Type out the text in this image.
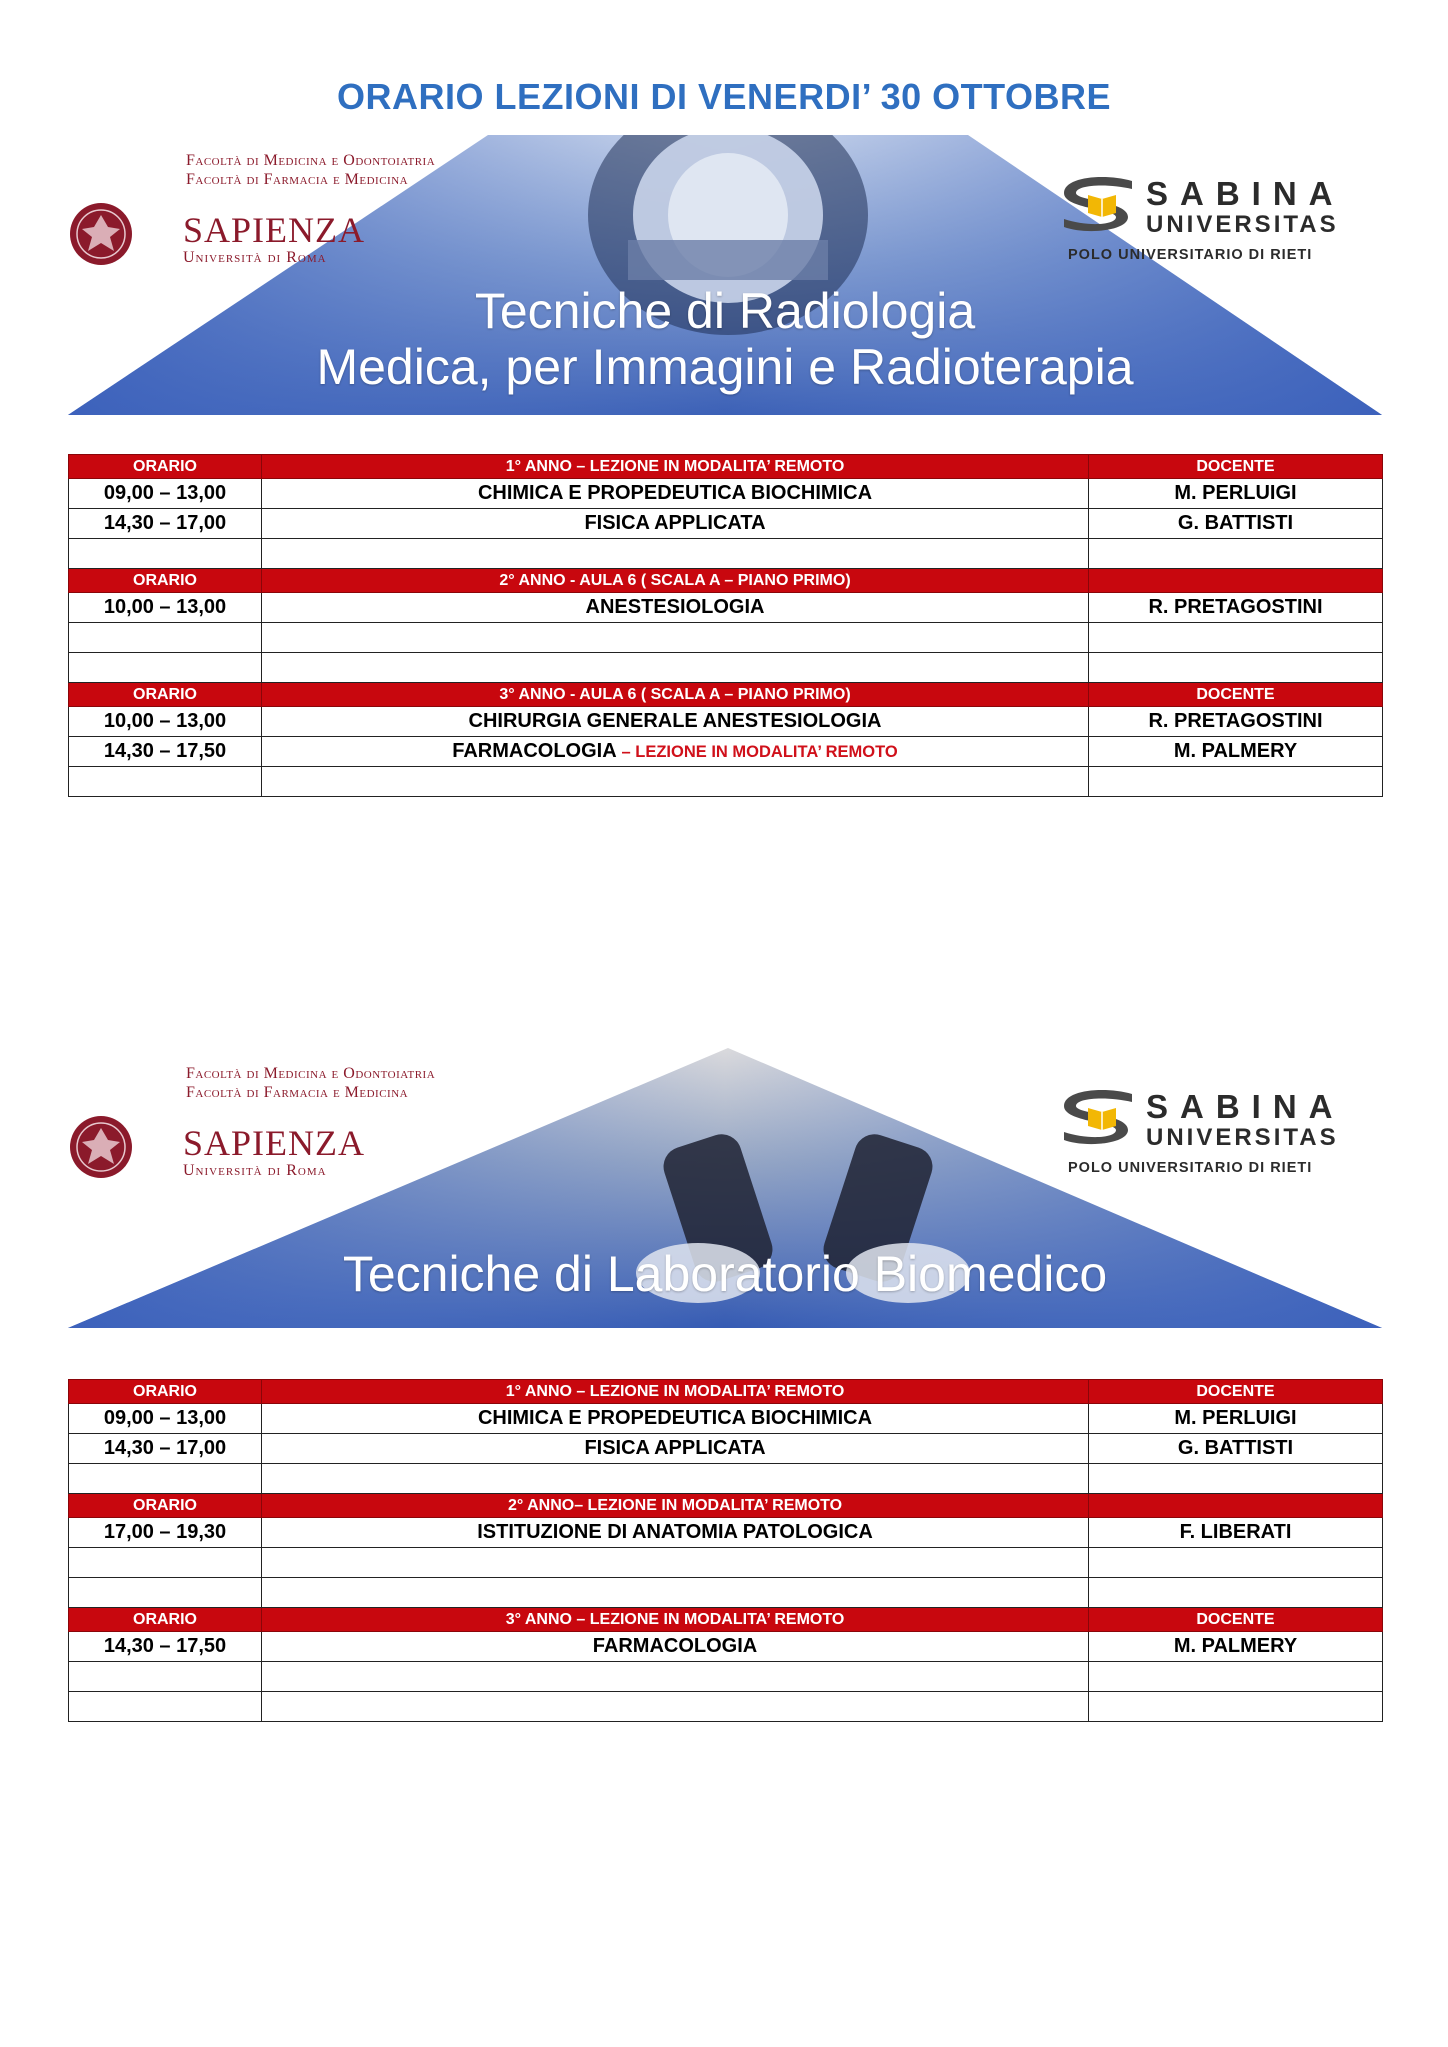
ORARIO LEZIONI DI VENERDI’ 30 OTTOBRE
Facoltà di Medicina e Odontoiatria
Facoltà di Farmacia e Medicina
SAPIENZA
Università di Roma
SABINA
UNIVERSITAS
POLO UNIVERSITARIO DI RIETI
Tecniche di Radiologia
Medica, per Immagini e Radioterapia
ORARIO	1° ANNO – LEZIONE IN MODALITA’ REMOTO	DOCENTE
09,00 – 13,00	CHIMICA E PROPEDEUTICA BIOCHIMICA	M. PERLUIGI
14,30 – 17,00	FISICA APPLICATA	G. BATTISTI

ORARIO	2° ANNO - AULA 6 ( SCALA A – PIANO PRIMO)	
10,00 – 13,00	ANESTESIOLOGIA	R. PRETAGOSTINI

ORARIO	3° ANNO - AULA 6 ( SCALA A – PIANO PRIMO)	DOCENTE
10,00 – 13,00	CHIRURGIA GENERALE ANESTESIOLOGIA	R. PRETAGOSTINI
14,30 – 17,50	FARMACOLOGIA – LEZIONE IN MODALITA’ REMOTO	M. PALMERY

Facoltà di Medicina e Odontoiatria
Facoltà di Farmacia e Medicina
SAPIENZA
Università di Roma
SABINA
UNIVERSITAS
POLO UNIVERSITARIO DI RIETI
Tecniche di Laboratorio Biomedico
ORARIO	1° ANNO – LEZIONE IN MODALITA’ REMOTO	DOCENTE
09,00 – 13,00	CHIMICA E PROPEDEUTICA BIOCHIMICA	M. PERLUIGI
14,30 – 17,00	FISICA APPLICATA	G. BATTISTI

ORARIO	2° ANNO– LEZIONE IN MODALITA’ REMOTO	
17,00 – 19,30	ISTITUZIONE DI ANATOMIA PATOLOGICA	F. LIBERATI

ORARIO	3° ANNO – LEZIONE IN MODALITA’ REMOTO	DOCENTE
14,30 – 17,50	FARMACOLOGIA	M. PALMERY
